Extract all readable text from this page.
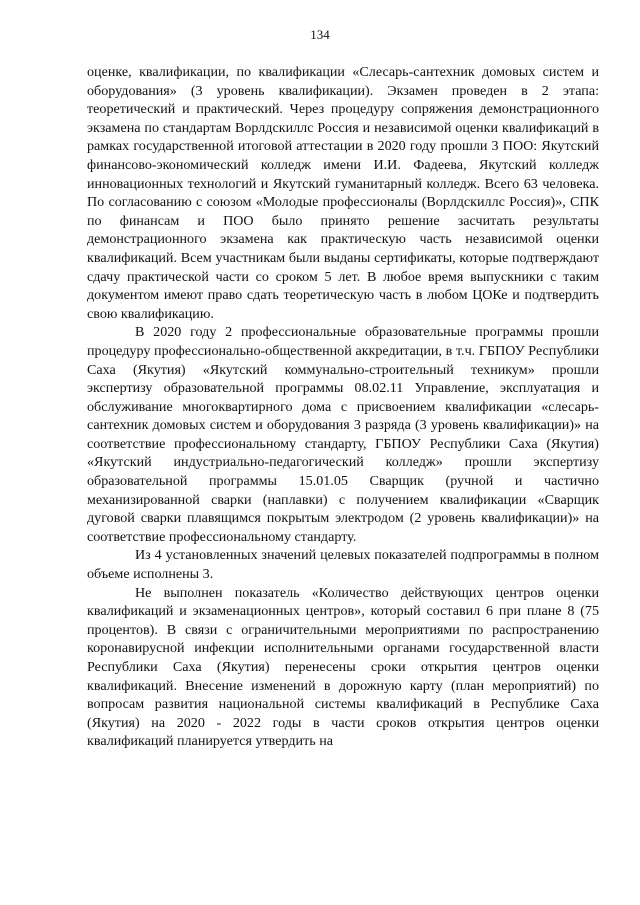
134

оценке, квалификации, по квалификации «Слесарь-сантехник домовых систем и оборудования» (3 уровень квалификации). Экзамен проведен в 2 этапа: теоретический и практический. Через процедуру сопряжения демонстрационного экзамена по стандартам Ворлдскиллс Россия и независимой оценки квалификаций в рамках государственной итоговой аттестации в 2020 году прошли 3 ПОО: Якутский финансово-экономический колледж имени И.И. Фадеева, Якутский колледж инновационных технологий и Якутский гуманитарный колледж. Всего 63 человека. По согласованию с союзом «Молодые профессионалы (Ворлдскиллс Россия)», СПК по финансам и ПОО было принято решение засчитать результаты демонстрационного экзамена как практическую часть независимой оценки квалификаций. Всем участникам были выданы сертификаты, которые подтверждают сдачу практической части со сроком 5 лет. В любое время выпускники с таким документом имеют право сдать теоретическую часть в любом ЦОКе и подтвердить свою квалификацию.

В 2020 году 2 профессиональные образовательные программы прошли процедуру профессионально-общественной аккредитации, в т.ч. ГБПОУ Республики Саха (Якутия) «Якутский коммунально-строительный техникум» прошли экспертизу образовательной программы 08.02.11 Управление, эксплуатация и обслуживание многоквартирного дома с присвоением квалификации «слесарь-сантехник домовых систем и оборудования 3 разряда (3 уровень квалификации)» на соответствие профессиональному стандарту, ГБПОУ Республики Саха (Якутия) «Якутский индустриально-педагогический колледж» прошли экспертизу образовательной программы 15.01.05 Сварщик (ручной и частично механизированной сварки (наплавки) с получением квалификации «Сварщик дуговой сварки плавящимся покрытым электродом (2 уровень квалификации)» на соответствие профессиональному стандарту.

Из 4 установленных значений целевых показателей подпрограммы в полном объеме исполнены 3.

Не выполнен показатель «Количество действующих центров оценки квалификаций и экзаменационных центров», который составил 6 при плане 8 (75 процентов). В связи с ограничительными мероприятиями по распространению коронавирусной инфекции исполнительными органами государственной власти Республики Саха (Якутия) перенесены сроки открытия центров оценки квалификаций. Внесение изменений в дорожную карту (план мероприятий) по вопросам развития национальной системы квалификаций в Республике Саха (Якутия) на 2020 - 2022 годы в части сроков открытия центров оценки квалификаций планируется утвердить на
